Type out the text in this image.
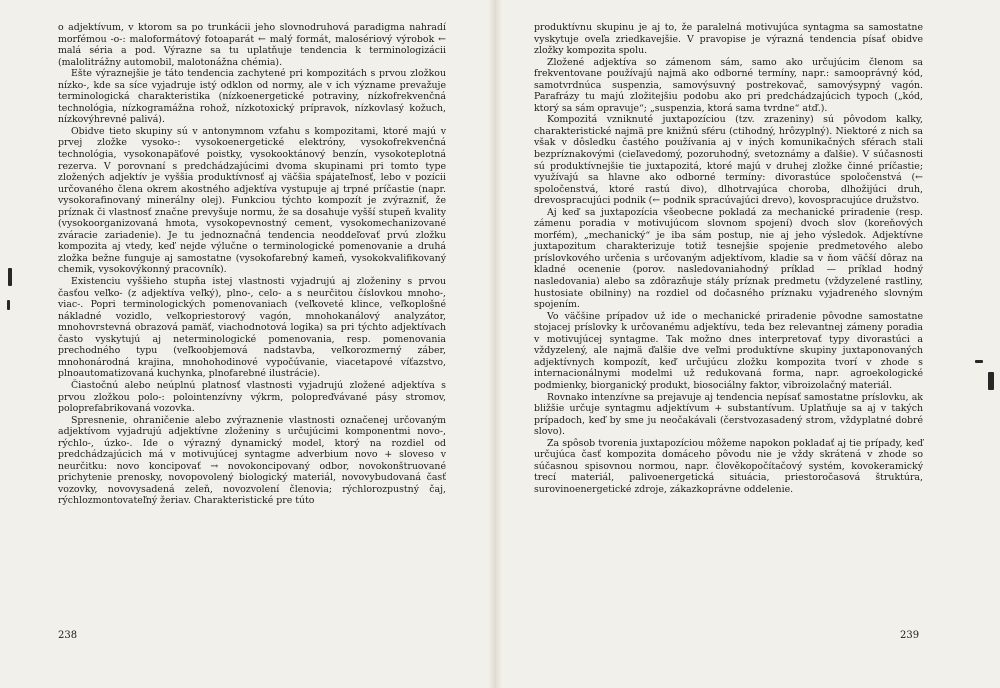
o adjektívum, v ktorom sa po trunkácii jeho slovnodruhová paradigma nahradí morfémou -o-: maloformátový fotoaparát ← malý formát, malosériový výrobok ← malá séria a pod. Výrazne sa tu uplatňuje tendencia k terminologizácii (malolitrážny automobil, malotonážna chémia).

Ešte výraznejšie je táto tendencia zachytené pri kompozitách s prvou zložkou nízko-, kde sa síce vyjadruje istý odklon od normy, ale v ich význame prevažuje terminologická charakteristika (nízkoenergetické potraviny, nízkofrekvenčná technológia, nízkogramážna rohož, nízkotoxický prípravok, nízkovlasý kožuch, nízkovýhrevné palivá).

Obidve tieto skupiny sú v antonymnom vzťahu s kompozitami, ktoré majú v prvej zložke vysoko-: vysokoenergetické elektróny, vysokofrekvenčná technológia, vysokonapäťové poistky, vysokooktánový benzín, vysokoteplotná rezerva. V porovnaní s predchádzajúcimi dvoma skupinami pri tomto type zložených adjektív je vyššia produktívnosť aj väčšia spájateľnosť, lebo v pozícii určovaného člena okrem akostného adjektíva vystupuje aj trpné príčastie (napr. vysokorafinovaný minerálny olej). Funkciou týchto kompozít je zvýrazniť, že príznak či vlastnosť značne prevyšuje normu, že sa dosahuje vyšší stupeň kvality (vysokoorganizovaná hmota, vysokopevnostný cement, vysokomechanizované zváracie zariadenie). Je tu jednoznačná tendencia neoddeľovať prvú zložku kompozita aj vtedy, keď nejde výlučne o terminologické pomenovanie a druhá zložka bežne funguje aj samostatne (vysokofarebný kameň, vysokokvalifikovaný chemik, vysokovýkonný pracovník).

Existenciu vyššieho stupňa istej vlastnosti vyjadrujú aj zloženiny s prvou časťou veľko- (z adjektíva veľký), plno-, celo- a s neurčitou číslovkou mnoho-, viac-. Popri terminologických pomenovaniach (veľkoveté klince, veľkoplošné nákladné vozidlo, veľkopriestorový vagón, mnohokanálový analyzátor, mnohovrstevná obrazová pamäť, viachodnotová logika) sa pri týchto adjektívach často vyskytujú aj neterminologické pomenovania, resp. pomenovania prechodného typu (veľkoobjemová nadstavba, veľkorozmerný záber, mnohonárodná krajina, mnohohodinové vypočúvanie, viacetapové víťazstvo, plnoautomatizovaná kuchynka, plnofarebné ilustrácie).

Čiastočnú alebo neúplnú platnosť vlastnosti vyjadrujú zložené adjektíva s prvou zložkou polo-: polointenzívny výkrm, polopreďvávané pásy stromov, poloprefabrikovaná vozovka.

Spresnenie, ohraničenie alebo zvýraznenie vlastnosti označenej určovaným adjektívom vyjadrujú adjektívne zloženiny s určujúcimi komponentmi novo-, rýchlo-, úzko-. Ide o výrazný dynamický model, ktorý na rozdiel od predchádzajúcich má v motivujúcej syntagme adverbium novo + sloveso v neurčitku: novo koncipovať → novokoncipovaný odbor, novokonštruované prichytenie prenosky, novopovolený biologický materiál, novovybudovaná časť vozovky, novovysadená zeleň, novozvolení členovia; rýchlorozpustný čaj, rýchlozmontovateľný žeriav. Charakteristické pre túto

238

produktívnu skupinu je aj to, že paralelná motivujúca syntagma sa samostatne vyskytuje oveľa zriedkavejšie. V pravopise je výrazná tendencia písať obidve zložky kompozita spolu.

Zložené adjektíva so zámenom sám, samo ako určujúcim členom sa frekventovane používajú najmä ako odborné termíny, napr.: samooprávný kód, samotvrdnúca suspenzia, samovýsuvný postrekovač, samovýsypný vagón. Parafrázy tu majú zložitejšiu podobu ako pri predchádzajúcich typoch („kód, ktorý sa sám opravuje“; „suspenzia, ktorá sama tvrdne“ atď.).

Kompozitá vzniknuté juxtapozíciou (tzv. zrazeniny) sú pôvodom kalky, charakteristické najmä pre knižnú sféru (ctihodný, hrôzyplný). Niektoré z nich sa však v dôsledku častého používania aj v iných komunikačných sférach stali bezpríznakovými (cieľavedomý, pozoruhodný, svetoznámy a ďalšie). V súčasnosti sú produktívnejšie tie juxtapozitá, ktoré majú v druhej zložke činné príčastie; využívajú sa hlavne ako odborné termíny: divorastúce spoločenstvá (← spoločenstvá, ktoré rastú divo), dlhotrvajúca choroba, dlhožijúci druh, drevospracujúci podnik (← podnik spracúvajúci drevo), kovospracujúce družstvo.

Aj keď sa juxtapozícia všeobecne pokladá za mechanické priradenie (resp. zámenu poradia v motivujúcom slovnom spojení) dvoch slov (koreňových morfém), „mechanický“ je iba sám postup, nie aj jeho výsledok. Adjektívne juxtapozitum charakterizuje totiž tesnejšie spojenie predmetového alebo príslovkového určenia s určovaným adjektívom, kladie sa v ňom väčší dôraz na kladné ocenenie (porov. nasledovaniahodný príklad — príklad hodný nasledovania) alebo sa zdôrazňuje stály príznak predmetu (vždyzelené rastliny, hustosiate obilniny) na rozdiel od dočasného príznaku vyjadreného slovným spojením.

Vo väčšine prípadov už ide o mechanické priradenie pôvodne samostatne stojacej príslovky k určovanému adjektívu, teda bez relevantnej zámeny poradia v motivujúcej syntagme. Tak možno dnes interpretovať typy divorastúci a vždyzelený, ale najmä ďalšie dve veľmi produktívne skupiny juxtaponovaných adjektívnych kompozít, keď určujúcu zložku kompozita tvorí v zhode s internacionálnymi modelmi už redukovaná forma, napr. agroekologické podmienky, biorganický produkt, biosociálny faktor, vibroizolačný materiál.

Rovnako intenzívne sa prejavuje aj tendencia nepísať samostatne príslovku, ak bližšie určuje syntagmu adjektívum + substantívum. Uplatňuje sa aj v takých prípadoch, keď by sme ju neočakávali (čerstvozasadený strom, vždyplatné dobré slovo).

Za spôsob tvorenia juxtapozíciou môžeme napokon pokladať aj tie prípady, keď určujúca časť kompozita domáceho pôvodu nie je vždy skrátená v zhode so súčasnou spisovnou normou, napr. člověkopočítačový systém, kovokeramický trecí materiál, palivoenergetická situácia, priestoročasová štruktúra, surovinoenergetické zdroje, zákazkoprávne oddelenie.

239
